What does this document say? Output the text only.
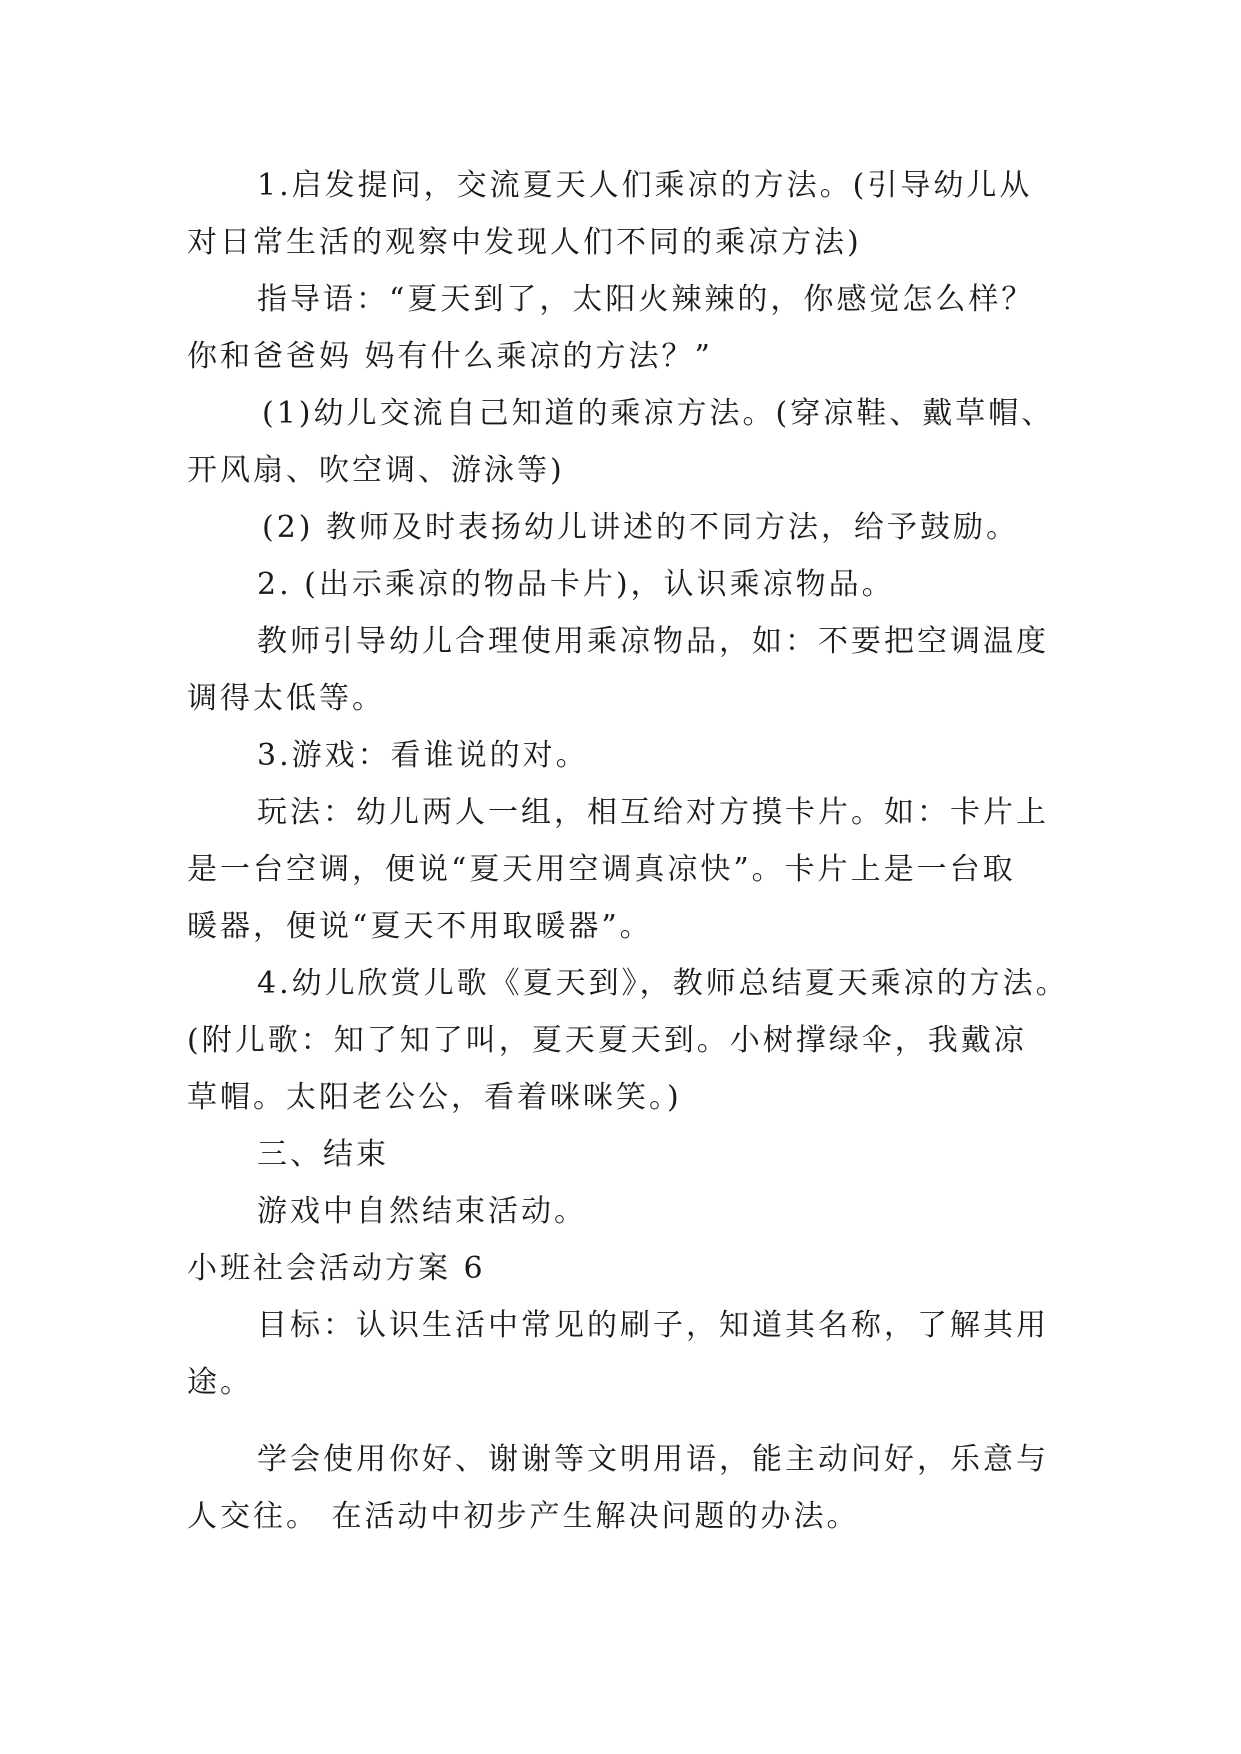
1.启发提问，交流夏天人们乘凉的方法。(引导幼儿从
对日常生活的观察中发现人们不同的乘凉方法)
指导语：“夏天到了，太阳火辣辣的，你感觉怎么样？
你和爸爸妈 妈有什么乘凉的方法？”
(1)幼儿交流自己知道的乘凉方法。(穿凉鞋、戴草帽、
开风扇、吹空调、游泳等)
(2) 教师及时表扬幼儿讲述的不同方法，给予鼓励。
2. (出示乘凉的物品卡片)，认识乘凉物品。
教师引导幼儿合理使用乘凉物品，如：不要把空调温度
调得太低等。
3.游戏：看谁说的对。
玩法：幼儿两人一组，相互给对方摸卡片。如：卡片上
是一台空调，便说“夏天用空调真凉快”。卡片上是一台取
暖器，便说“夏天不用取暖器”。
4.幼儿欣赏儿歌《夏天到》，教师总结夏天乘凉的方法。
(附儿歌：知了知了叫，夏天夏天到。小树撑绿伞，我戴凉
草帽。太阳老公公，看着咪咪笑。)
三、结束
游戏中自然结束活动。
小班社会活动方案 6
目标：认识生活中常见的刷子，知道其名称，了解其用
途。
学会使用你好、谢谢等文明用语，能主动问好，乐意与
人交往。 在活动中初步产生解决问题的办法。
